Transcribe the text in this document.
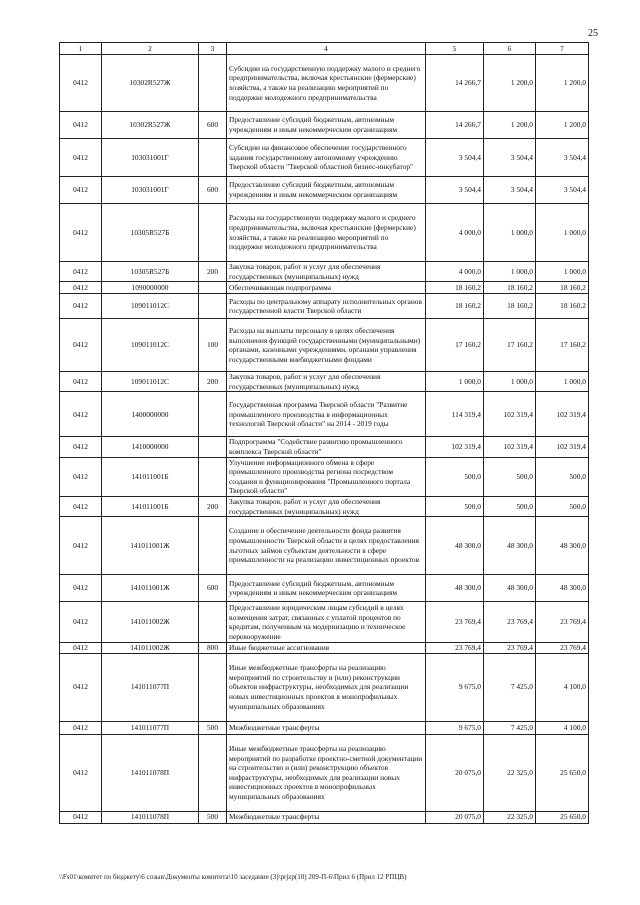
25
1	2	3	4	5	6	7
0412	10302R527Ж		Субсидии на государственную поддержку малого и среднего предпринимательства, включая крестьянские (фермерские) хозяйства, а также на реализацию мероприятий по поддержке молодежного предпринимательства	14 266,7	1 200,0	1 200,0
0412	10302R527Ж	600	Предоставление субсидий бюджетным, автономным учреждениям и иным некоммерческим организациям	14 266,7	1 200,0	1 200,0
0412	103031001Г		Субсидии на финансовое обеспечение государственного задания государственному автономному учреждению Тверской области "Тверской областной бизнес-инкубатор"	3 504,4	3 504,4	3 504,4
0412	103031001Г	600	Предоставление субсидий бюджетным, автономным учреждениям и иным некоммерческим организациям	3 504,4	3 504,4	3 504,4
0412	10305R527Б		Расходы на государственную поддержку малого и среднего предпринимательства, включая крестьянские (фермерские) хозяйства, а также на реализацию мероприятий по поддержке молодежного предпринимательства	4 000,0	1 000,0	1 000,0
0412	10305R527Б	200	Закупка товаров, работ и услуг для обеспечения государственных (муниципальных) нужд	4 000,0	1 000,0	1 000,0
0412	1090000000		Обеспечивающая подпрограмма	18 160,2	18 160,2	18 160,2
0412	109011012С		Расходы по центральному аппарату исполнительных органов государственной власти Тверской области	18 160,2	18 160,2	18 160,2
0412	109011012С	100	Расходы на выплаты персоналу в целях обеспечения выполнения функций государственными (муниципальными) органами, казенными учреждениями, органами управления государственными внебюджетными фондами	17 160,2	17 160,2	17 160,2
0412	109011012С	200	Закупка товаров, работ и услуг для обеспечения государственных (муниципальных) нужд	1 000,0	1 000,0	1 000,0
0412	1400000000		Государственная программа Тверской области "Развитие промышленного производства в информационных технологий Тверской области" на 2014 - 2019 годы	114 319,4	102 319,4	102 319,4
0412	1410000000		Подпрограмма "Содействие развитию промышленного комплекса Тверской области"	102 319,4	102 319,4	102 319,4
0412	141011001Б		Улучшение информационного обмена в сфере промышленного производства региона посредством создания и функционирования "Промышленного портала Тверской области"	500,0	500,0	500,0
0412	141011001Б	200	Закупка товаров, работ и услуг для обеспечения государственных (муниципальных) нужд	500,0	500,0	500,0
0412	141011001Ж		Создание и обеспечение деятельности фонда развития промышленности Тверской области в целях предоставления льготных займов субъектам деятельности в сфере промышленности на реализацию инвестиционных проектов	48 300,0	48 300,0	48 300,0
0412	141011001Ж	600	Предоставление субсидий бюджетным, автономным учреждениям и иным некоммерческим организациям	48 300,0	48 300,0	48 300,0
0412	141011002Ж		Предоставление юридическим лицам субсидий в целях возмещения затрат, связанных с уплатой процентов по кредитам, полученным на модернизацию и техническое перевооружение	23 769,4	23 769,4	23 769,4
0412	141011002Ж	800	Иные бюджетные ассигнования	23 769,4	23 769,4	23 769,4
0412	141011077П		Иные межбюджетные трансферты на реализацию мероприятий по строительству и (или) реконструкции объектов инфраструктуры, необходимых для реализации новых инвестиционных проектов в монопрофильных муниципальных образованиях	9 675,0	7 425,0	4 100,0
0412	141011077П	500	Межбюджетные трансферты	9 675,0	7 425,0	4 100,0
0412	141011078П		Иные межбюджетные трансферты на реализацию мероприятий по разработке проектно-сметной документации на строительство и (или) реконструкцию объектов инфраструктуры, необходимых для реализации новых инвестиционных проектов в монопрофильных муниципальных образованиях	20 075,0	22 325,0	25 650,0
0412	141011078П	500	Межбюджетные трансферты	20 075,0	22 325,0	25 650,0
\\Fs01\комитет по бюджету\6 созыв\Документы комитета\10 заседание (3)\prjzp(10) 209-П-6\Прил 6 (Прил 12 РПЦВ)
